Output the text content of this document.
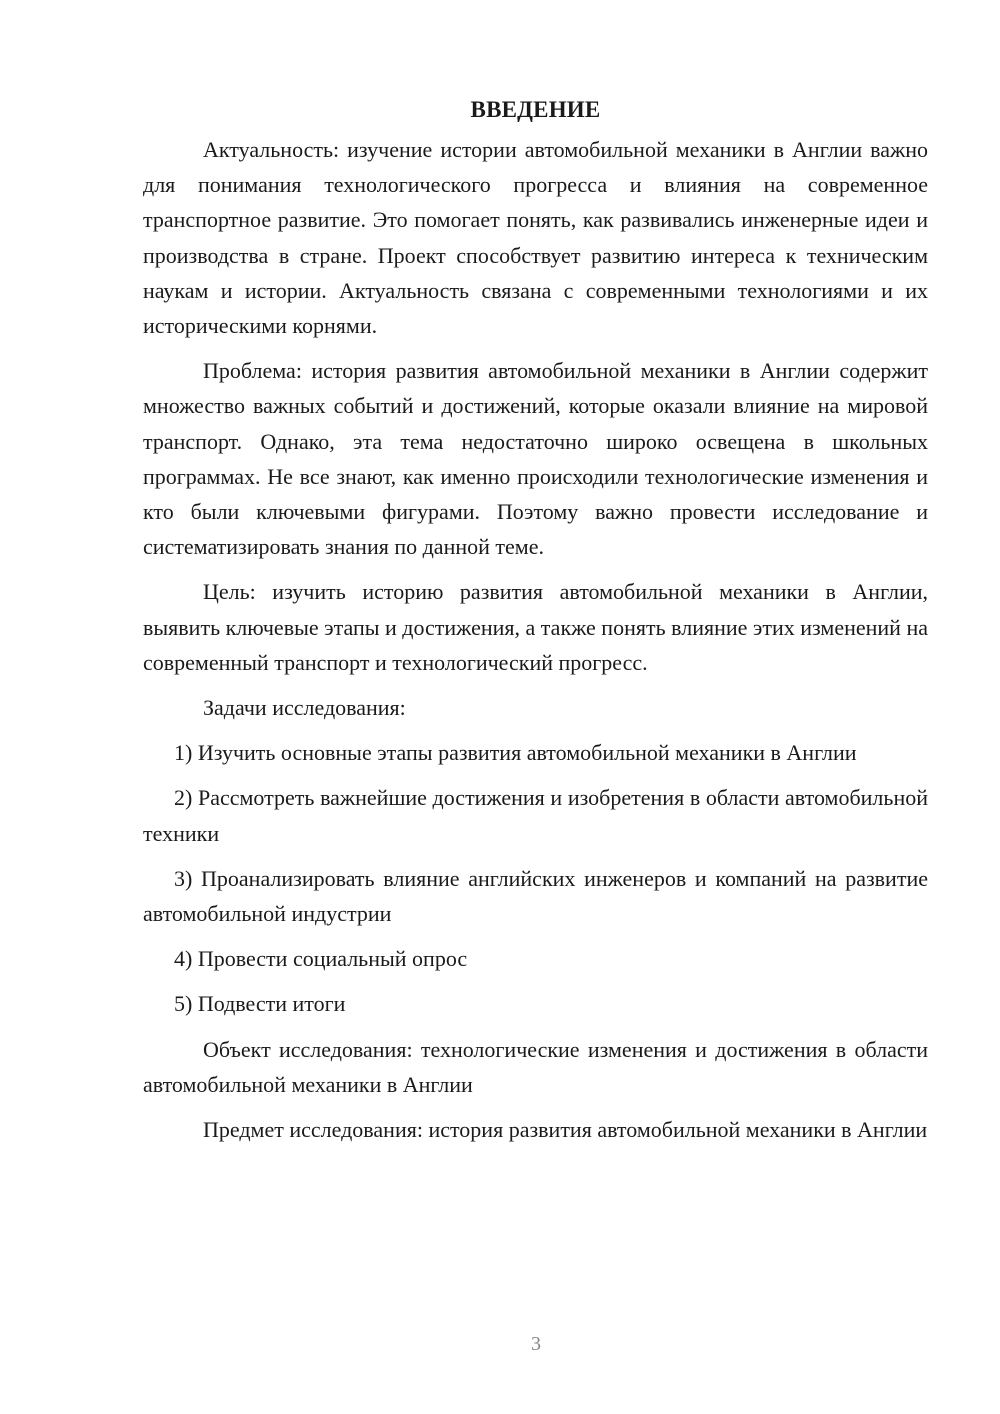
ВВЕДЕНИЕ

Актуальность: изучение истории автомобильной механики в Англии важно для понимания технологического прогресса и влияния на современное транспортное развитие. Это помогает понять, как развивались инженерные идеи и производства в стране. Проект способствует развитию интереса к техническим наукам и истории. Актуальность связана с современными технологиями и их историческими корнями.

Проблема: история развития автомобильной механики в Англии содержит множество важных событий и достижений, которые оказали влияние на мировой транспорт. Однако, эта тема недостаточно широко освещена в школьных программах. Не все знают, как именно происходили технологические изменения и кто были ключевыми фигурами. Поэтому важно провести исследование и систематизировать знания по данной теме.

Цель: изучить историю развития автомобильной механики в Англии, выявить ключевые этапы и достижения, а также понять влияние этих изменений на современный транспорт и технологический прогресс.

Задачи исследования:

1) Изучить основные этапы развития автомобильной механики в Англии

2) Рассмотреть важнейшие достижения и изобретения в области автомобильной техники

3) Проанализировать влияние английских инженеров и компаний на развитие автомобильной индустрии

4) Провести социальный опрос

5) Подвести итоги

Объект исследования: технологические изменения и достижения в области автомобильной механики в Англии

Предмет исследования: история развития автомобильной механики в Англии

3
